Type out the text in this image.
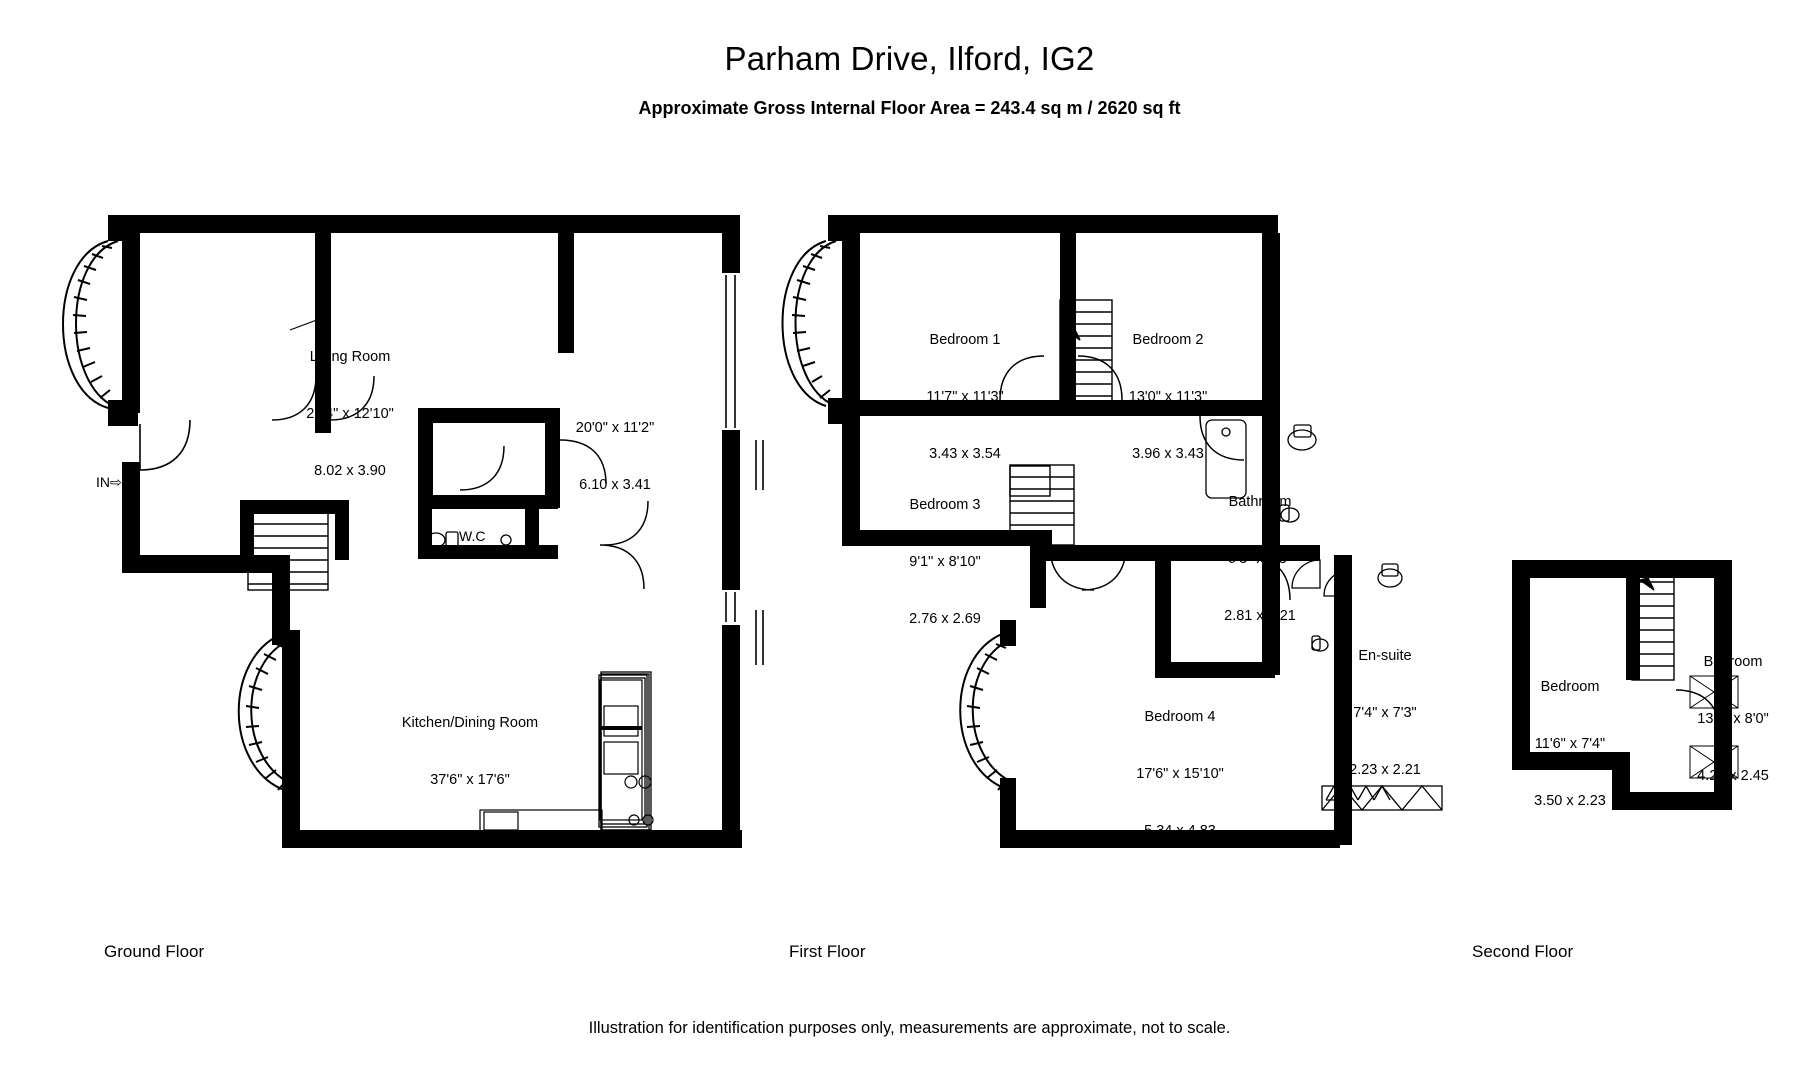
Parham Drive, Ilford, IG2
Approximate Gross Internal Floor Area = 243.4 sq m / 2620 sq ft

Living Room

26'4" x 12'10"

8.02 x 3.90

20'0" x 11'2"

6.10 x 3.41

Kitchen/Dining Room

37'6" x 17'6"

11.43 x 5.34

IN⇨
W.C

Bedroom 1

11'7" x 11'3"

3.43 x 3.54

Bedroom 2

13'0" x 11'3"

3.96 x 3.43

Bedroom 3

9'1" x 8'10"

2.76 x 2.69

Bathroom

9'3" x 7'3"

2.81 x 2.21

En-suite

7'4" x 7'3"

2.23 x 2.21

Bedroom 4

17'6" x 15'10"

5.34 x 4.83

Bedroom

11'6" x 7'4"

3.50 x 2.23

Bedroom

13'9" x 8'0"

4.20 x 2.45

Ground Floor	First Floor	Second Floor
Illustration for identification purposes only, measurements are approximate, not to scale.
